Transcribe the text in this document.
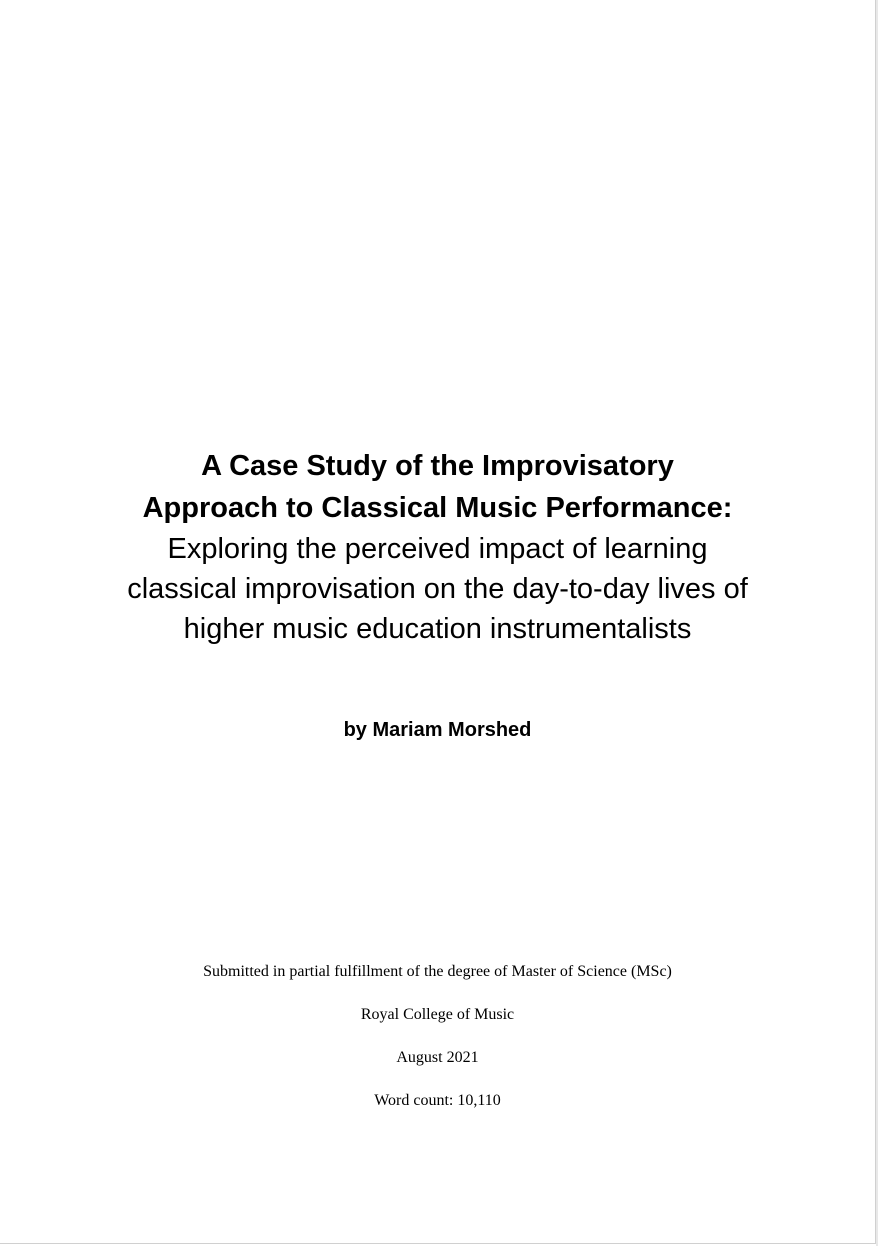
A Case Study of the Improvisatory
Approach to Classical Music Performance:
Exploring the perceived impact of learning
classical improvisation on the day-to-day lives of
higher music education instrumentalists
by Mariam Morshed
Submitted in partial fulfillment of the degree of Master of Science (MSc)
Royal College of Music
August 2021
Word count: 10,110
